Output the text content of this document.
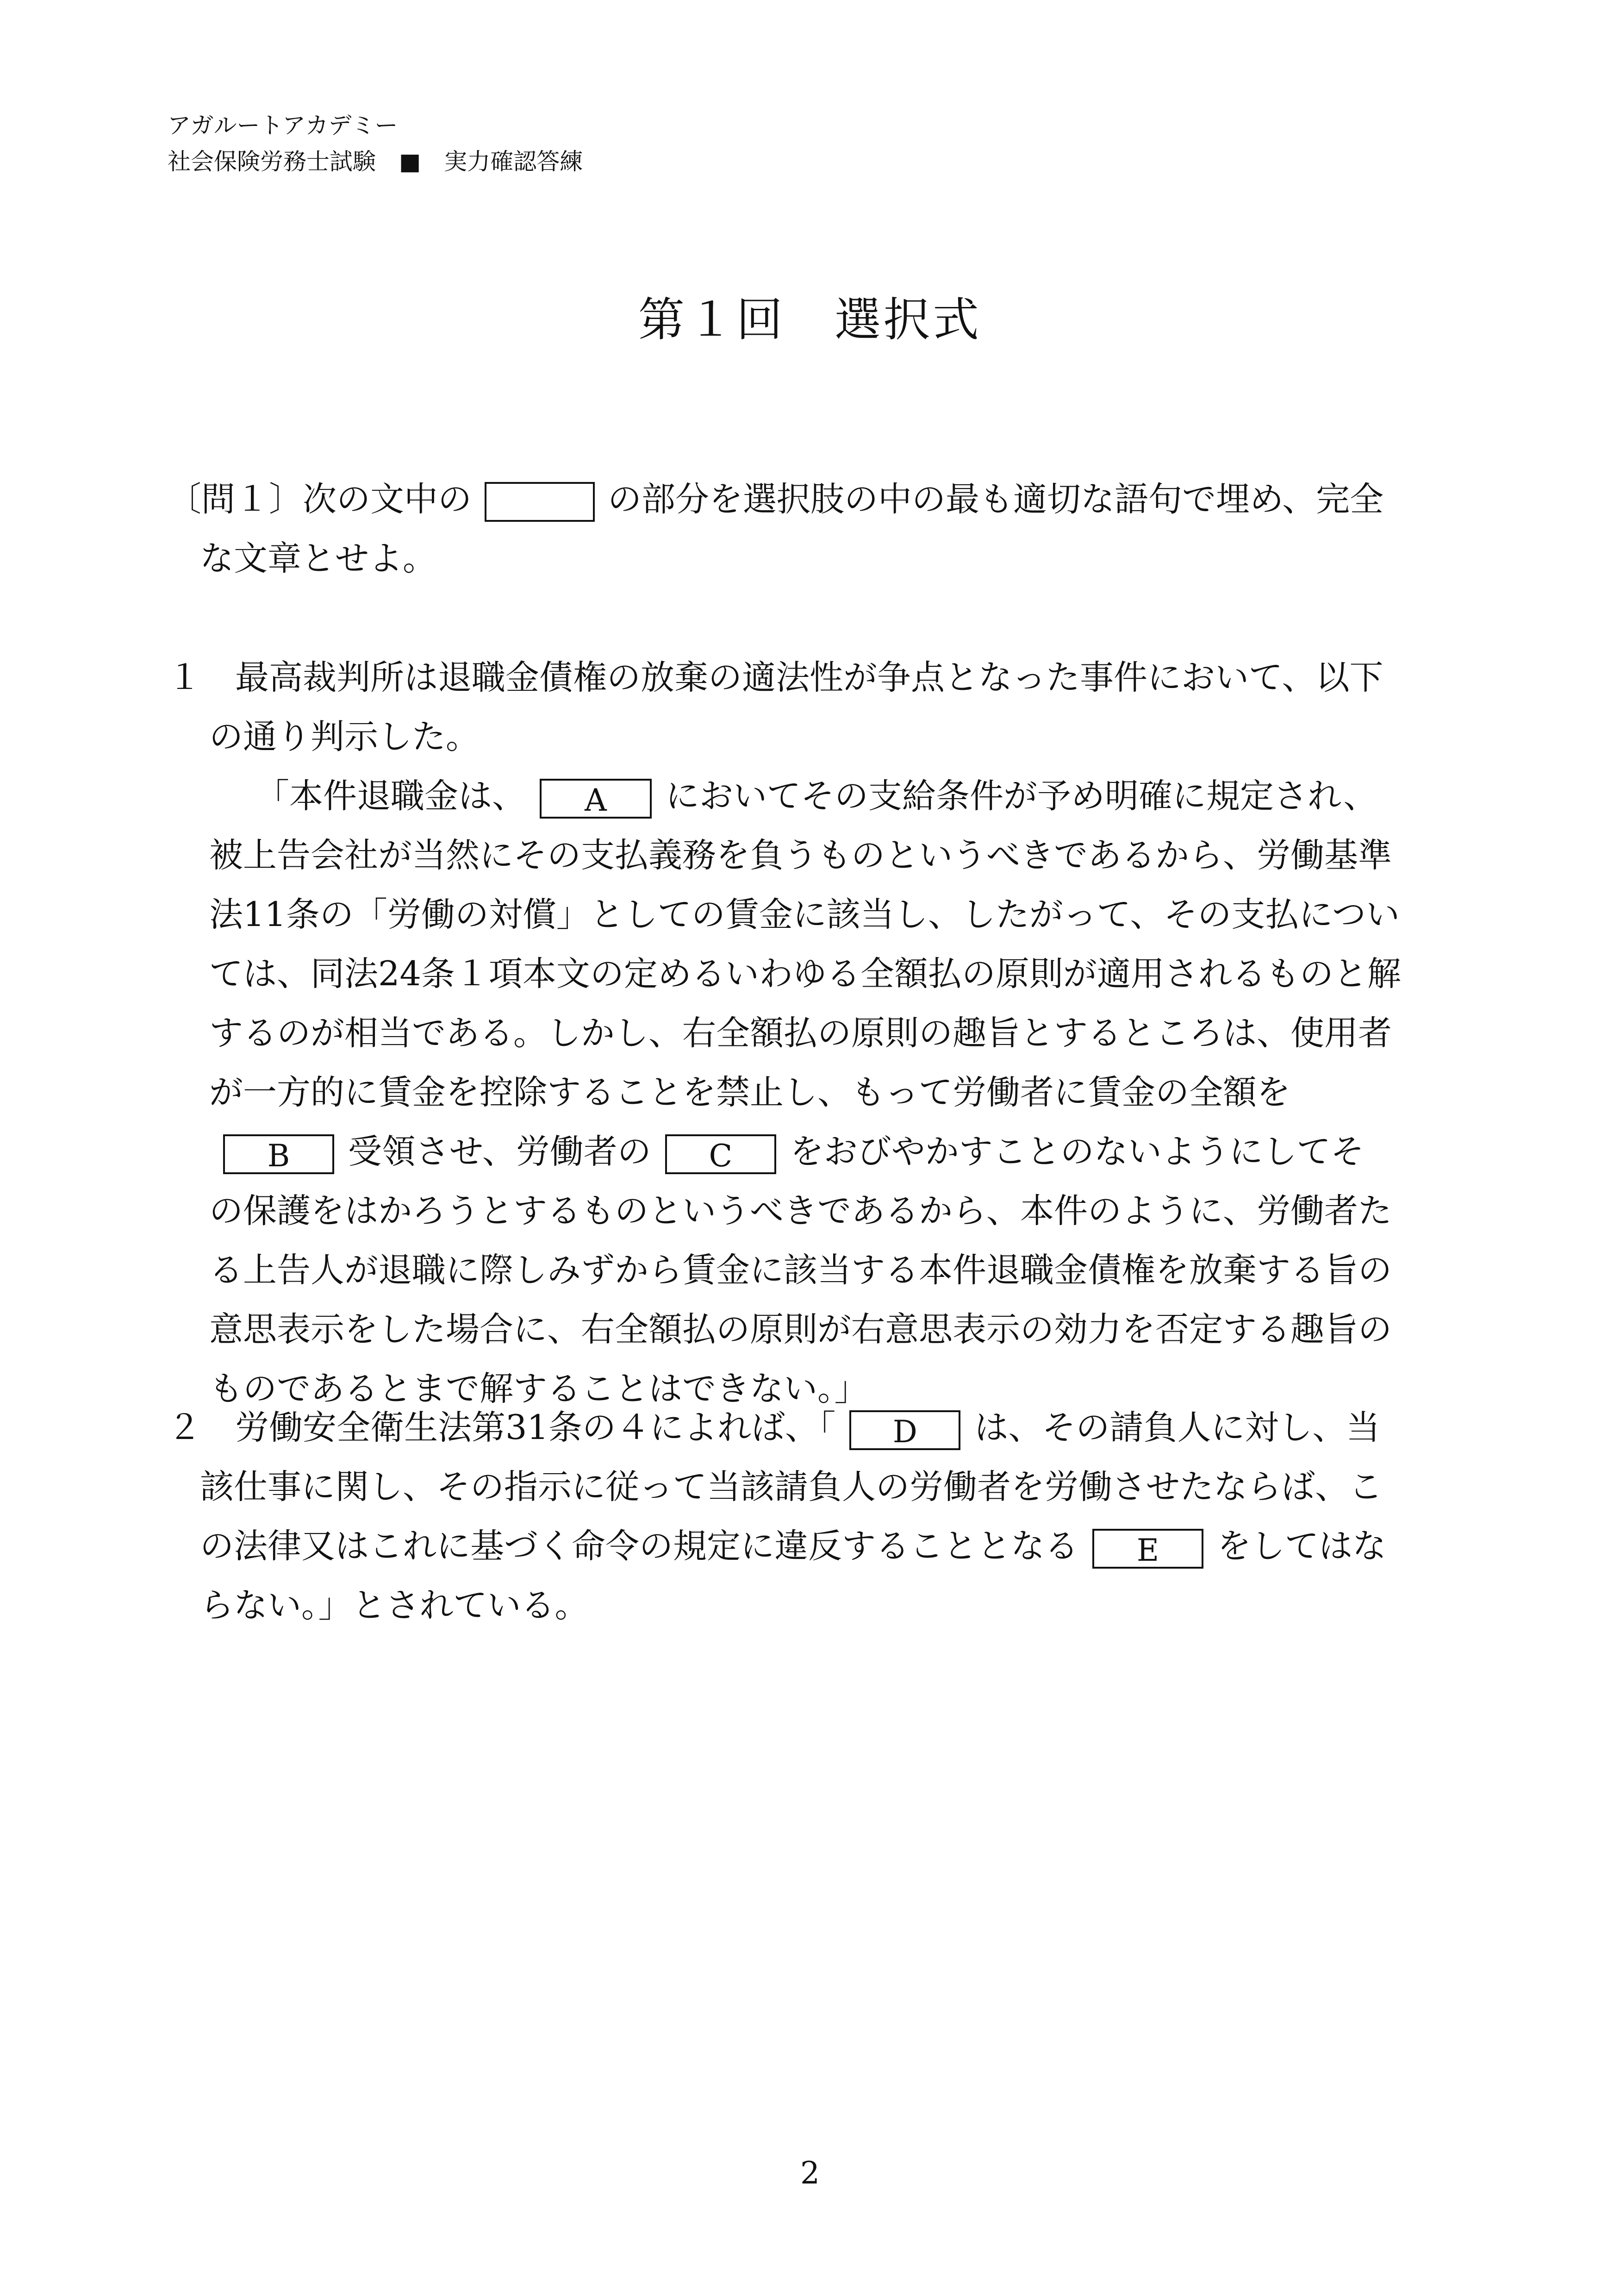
アガルートアカデミー
社会保険労務士試験　■　実力確認答練
第１回　選択式
〔問１〕次の文中の	の部分を選択肢の中の最も適切な語句で埋め、完全
な文章とせよ。
１　最高裁判所は退職金債権の放棄の適法性が争点となった事件において、以下
の通り判示した。
「本件退職金は、 A においてその支給条件が予め明確に規定され、
被上告会社が当然にその支払義務を負うものというべきであるから、労働基準
法11条の「労働の対償」としての賃金に該当し、したがって、その支払につい
ては、同法24条１項本文の定めるいわゆる全額払の原則が適用されるものと解
するのが相当である。しかし、右全額払の原則の趣旨とするところは、使用者
が一方的に賃金を控除することを禁止し、もって労働者に賃金の全額を
B 受領させ、労働者の C をおびやかすことのないようにしてそ
の保護をはかろうとするものというべきであるから、本件のように、労働者た
る上告人が退職に際しみずから賃金に該当する本件退職金債権を放棄する旨の
意思表示をした場合に、右全額払の原則が右意思表示の効力を否定する趣旨の
ものであるとまで解することはできない。」
２　労働安全衛生法第31条の４によれば、「 D は、その請負人に対し、当
該仕事に関し、その指示に従って当該請負人の労働者を労働させたならば、こ
の法律又はこれに基づく命令の規定に違反することとなる E をしてはな
らない。」とされている。
2
